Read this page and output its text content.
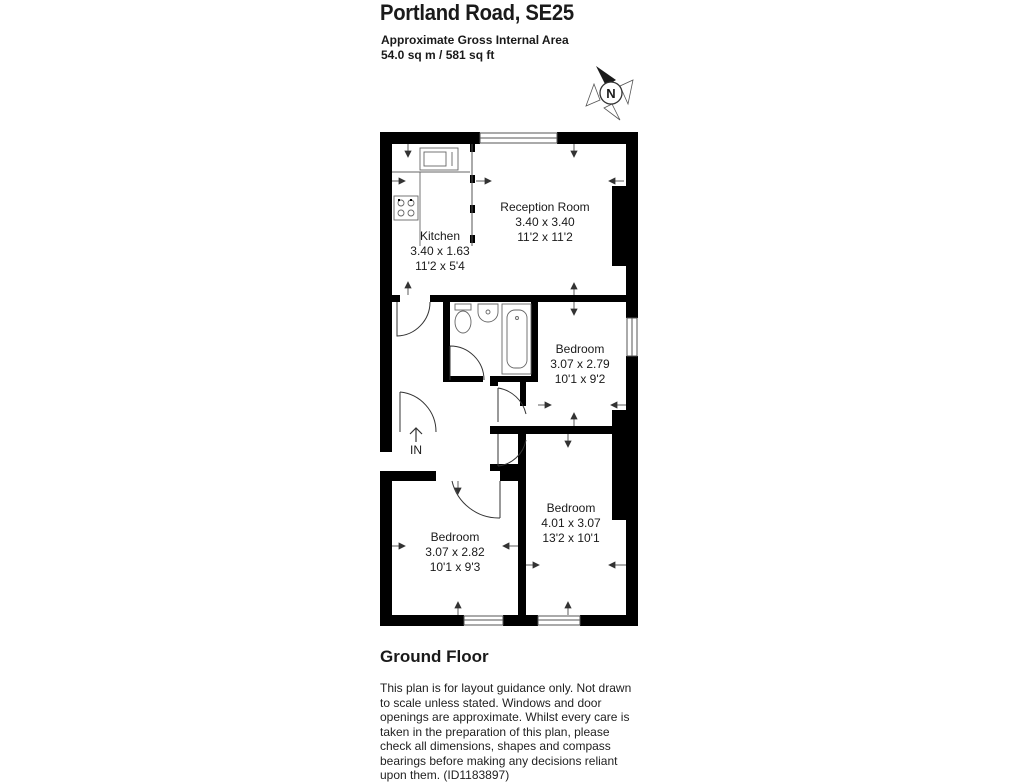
Portland Road, SE25
Approximate Gross Internal Area
54.0 sq m / 581 sq ft
N
IN
Reception Room
3.40 x 3.40
11'2 x 11'2
Kitchen
3.40 x 1.63
11'2 x 5'4
Bedroom
3.07 x 2.79
10'1 x 9'2
Bedroom
4.01 x 3.07
13'2 x 10'1
Bedroom
3.07 x 2.82
10'1 x 9'3
Ground Floor
This plan is for layout guidance only. Not drawn to scale unless stated. Windows and door openings are approximate. Whilst every care is taken in the preparation of this plan, please check all dimensions, shapes and compass bearings before making any decisions reliant upon them. (ID1183897)
